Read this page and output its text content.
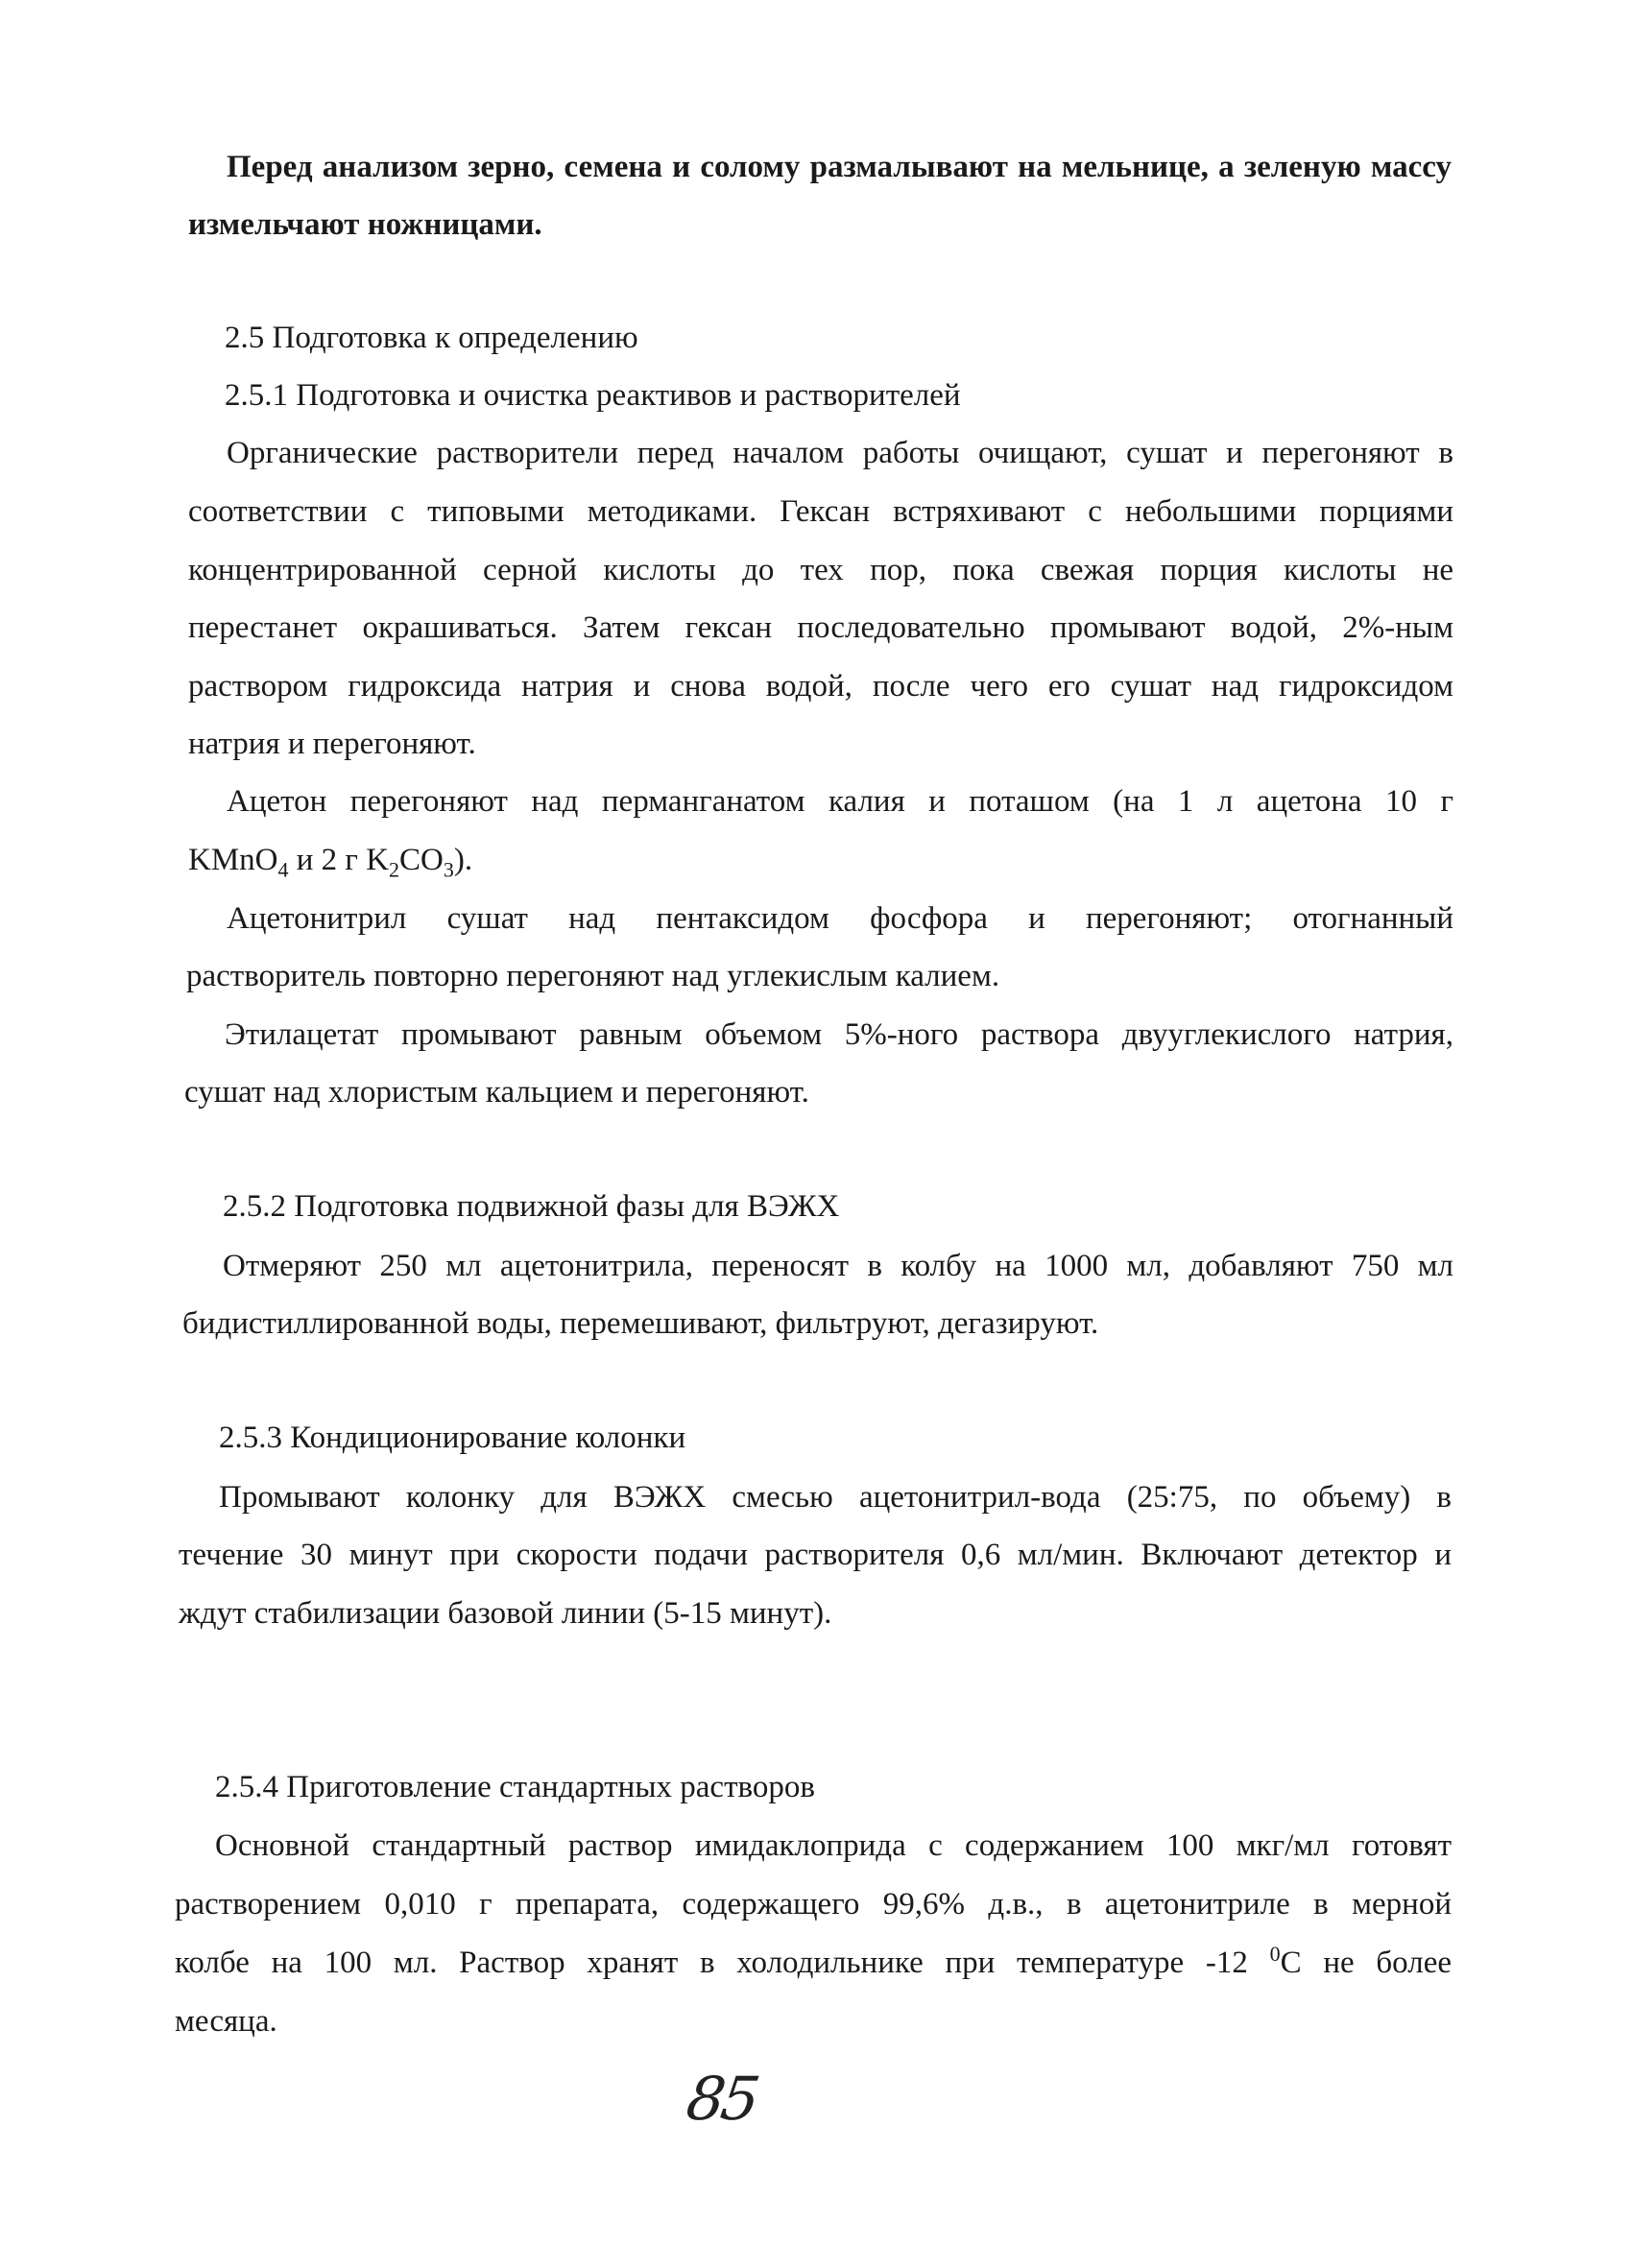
Перед анализом зерно, семена и солому размалывают на мельнице, а зеленую массу

измельчают ножницами.

2.5 Подготовка к определению

2.5.1 Подготовка и очистка реактивов и растворителей

Органические растворители перед началом работы очищают, сушат и перегоняют в

соответствии с типовыми методиками. Гексан встряхивают с небольшими порциями

концентрированной серной кислоты до тех пор, пока свежая порция кислоты не

перестанет окрашиваться. Затем гексан последовательно промывают водой, 2%-ным

раствором гидроксида натрия и снова водой, после чего его сушат над гидроксидом

натрия и перегоняют.

Ацетон перегоняют над перманганатом калия и поташом (на 1 л ацетона 10 г

KMnO$_4$ и 2 г $K_2CO_3$).

Ацетонитрил сушат над пентаксидом фосфора и перегоняют; отогнанный

растворитель повторно перегоняют над углекислым калием.

Этилацетат промывают равным объемом 5%-ного раствора двууглекислого натрия,

сушат над хлористым кальцием и перегоняют.

2.5.2 Подготовка подвижной фазы для ВЭЖХ

Отмеряют 250 мл ацетонитрила, переносят в колбу на 1000 мл, добавляют 750 мл

бидистиллированной воды, перемешивают, фильтруют, дегазируют.

2.5.3 Кондиционирование колонки

Промывают колонку для ВЭЖХ смесью ацетонитрил-вода (25:75, по объему) в

течение 30 минут при скорости подачи растворителя 0,6 мл/мин. Включают детектор и

ждут стабилизации базовой линии (5-15 минут).

2.5.4 Приготовление стандартных растворов

Основной стандартный раствор имидаклоприда с содержанием 100 мкг/мл готовят

растворением 0,010 г препарата, содержащего 99,6% д.в., в ацетонитриле в мерной

колбе на 100 мл. Раствор хранят в холодильнике при температуре -12 $^0$С не более

месяца.

85
